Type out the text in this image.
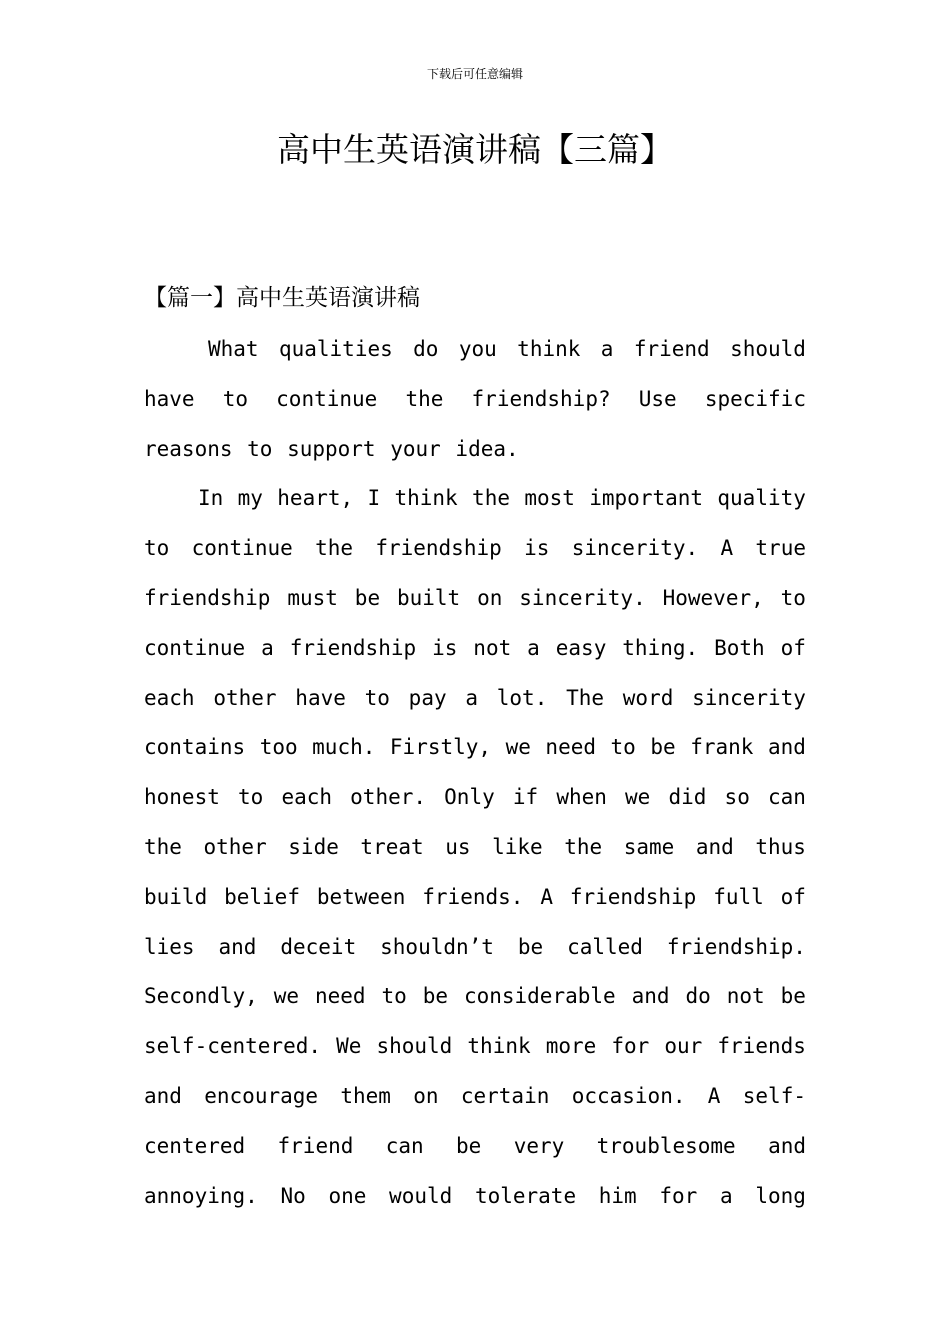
下载后可任意编辑
高中生英语演讲稿【三篇】
【篇一】高中生英语演讲稿
What qualities do you think a friend should
have to continue the friendship? Use specific
reasons to support your idea.
In my heart, I think the most important quality
to continue the friendship is sincerity. A true
friendship must be built on sincerity. However, to
continue a friendship is not a easy thing. Both of
each other have to pay a lot. The word sincerity
contains too much. Firstly, we need to be frank and
honest to each other. Only if when we did so can
the other side treat us like the same and thus
build belief between friends. A friendship full of
lies and deceit shouldn’t be called friendship.
Secondly, we need to be considerable and do not be
self-centered. We should think more for our friends
and encourage them on certain occasion. A self-
centered friend can be very troublesome and
annoying. No one would tolerate him for a long
